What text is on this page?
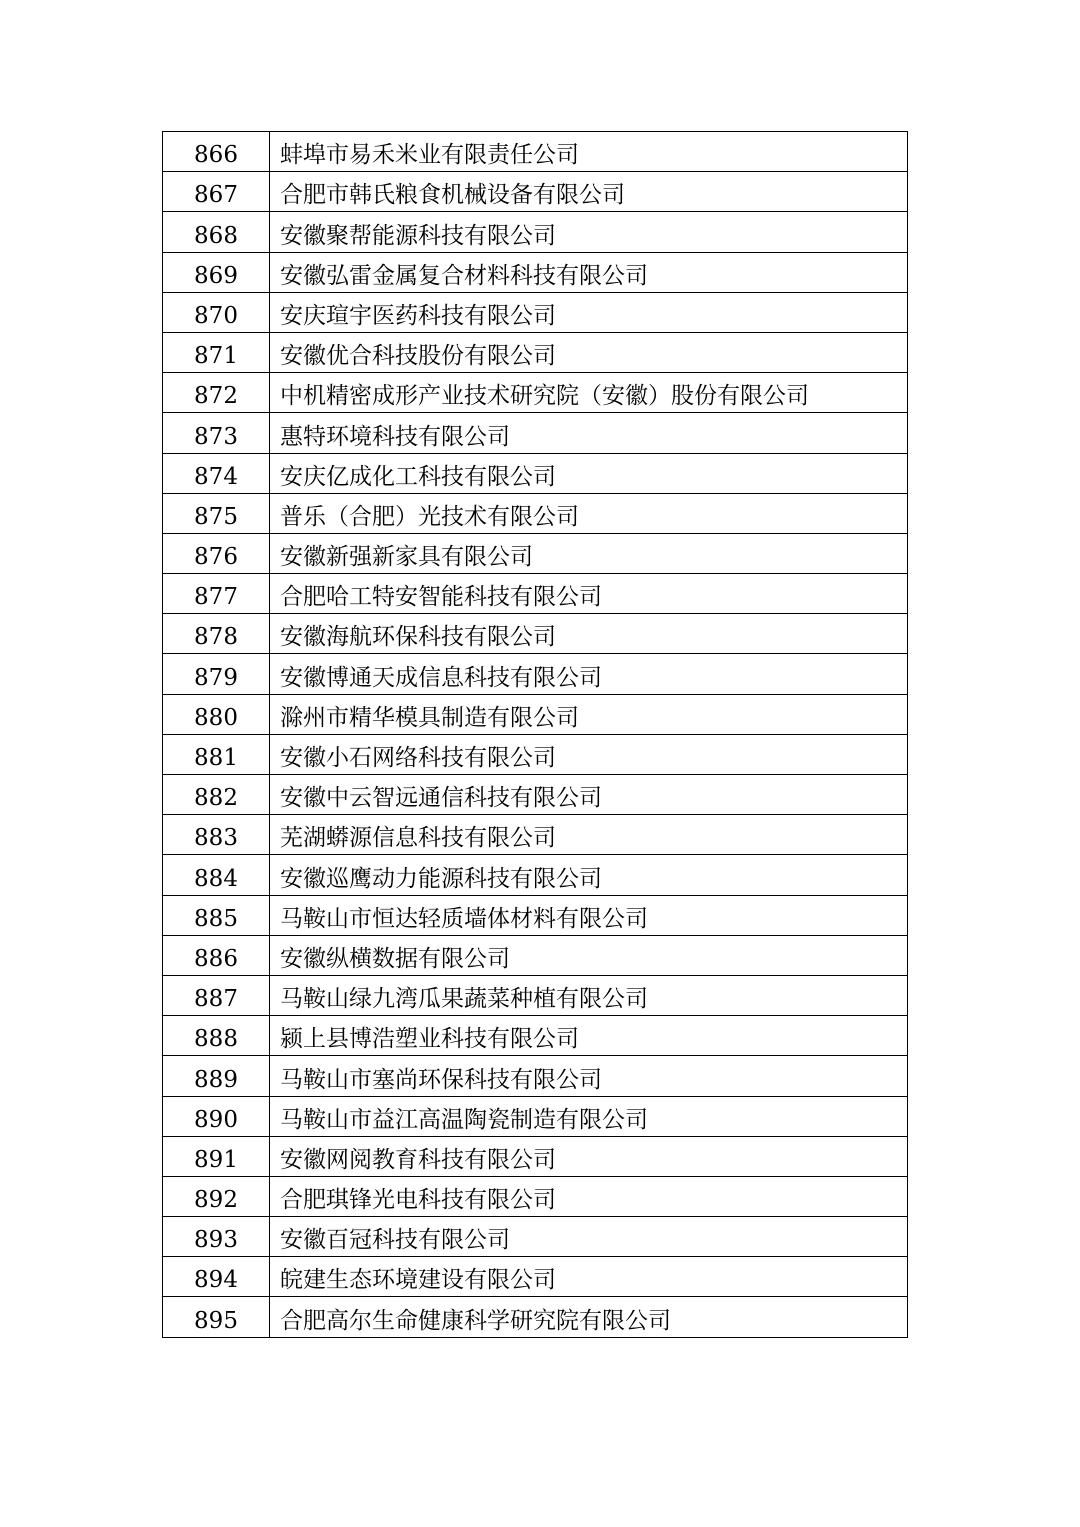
866	蚌埠市易禾米业有限责任公司
867	合肥市韩氏粮食机械设备有限公司
868	安徽聚帮能源科技有限公司
869	安徽弘雷金属复合材料科技有限公司
870	安庆瑄宇医药科技有限公司
871	安徽优合科技股份有限公司
872	中机精密成形产业技术研究院（安徽）股份有限公司
873	惠特环境科技有限公司
874	安庆亿成化工科技有限公司
875	普乐（合肥）光技术有限公司
876	安徽新强新家具有限公司
877	合肥哈工特安智能科技有限公司
878	安徽海航环保科技有限公司
879	安徽博通天成信息科技有限公司
880	滁州市精华模具制造有限公司
881	安徽小石网络科技有限公司
882	安徽中云智远通信科技有限公司
883	芜湖蟒源信息科技有限公司
884	安徽巡鹰动力能源科技有限公司
885	马鞍山市恒达轻质墙体材料有限公司
886	安徽纵横数据有限公司
887	马鞍山绿九湾瓜果蔬菜种植有限公司
888	颍上县博浩塑业科技有限公司
889	马鞍山市塞尚环保科技有限公司
890	马鞍山市益江高温陶瓷制造有限公司
891	安徽网阅教育科技有限公司
892	合肥琪锋光电科技有限公司
893	安徽百冠科技有限公司
894	皖建生态环境建设有限公司
895	合肥高尔生命健康科学研究院有限公司
